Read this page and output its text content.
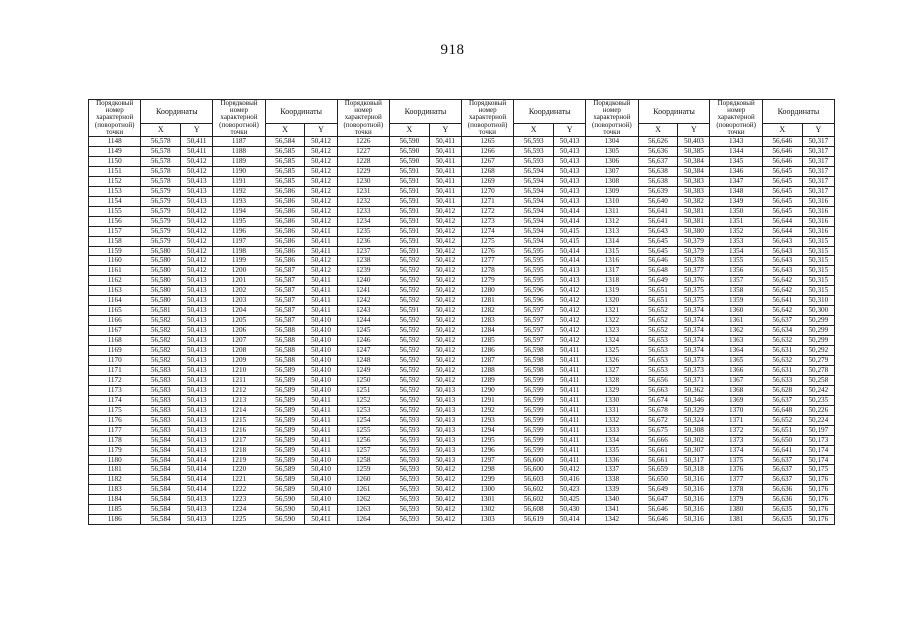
918
Порядковый номер характерной (поворотной) точки	Координаты		Порядковый номер характерной (поворотной) точки	Координаты		Порядковый номер характерной (поворотной) точки	Координаты		Порядковый номер характерной (поворотной) точки	Координаты		Порядковый номер характерной (поворотной) точки	Координаты		Порядковый номер характерной (поворотной) точки	Координаты	
	X	Y		X	Y		X	Y		X	Y		X	Y		X	Y
1148	56,578	50,411	1187	56,584	50,412	1226	56,590	50,411	1265	56,593	50,413	1304	56,626	50,403	1343	56,646	50,317
1149	56,578	50,411	1188	56,585	50,412	1227	56,590	50,411	1266	56,593	50,413	1305	56,636	50,385	1344	56,646	50,317
1150	56,578	50,412	1189	56,585	50,412	1228	56,590	50,411	1267	56,593	50,413	1306	56,637	50,384	1345	56,646	50,317
1151	56,578	50,412	1190	56,585	50,412	1229	56,591	50,411	1268	56,594	50,413	1307	56,638	50,384	1346	56,645	50,317
1152	56,578	50,413	1191	56,585	50,412	1230	56,591	50,411	1269	56,594	50,413	1308	56,638	50,383	1347	56,645	50,317
1153	56,579	50,413	1192	56,586	50,412	1231	56,591	50,411	1270	56,594	50,413	1309	56,639	50,383	1348	56,645	50,317
1154	56,579	50,413	1193	56,586	50,412	1232	56,591	50,411	1271	56,594	50,413	1310	56,640	50,382	1349	56,645	50,316
1155	56,579	50,412	1194	56,586	50,412	1233	56,591	50,412	1272	56,594	50,414	1311	56,641	50,381	1350	56,645	50,316
1156	56,579	50,412	1195	56,586	50,412	1234	56,591	50,412	1273	56,594	50,414	1312	56,641	50,381	1351	56,644	50,316
1157	56,579	50,412	1196	56,586	50,411	1235	56,591	50,412	1274	56,594	50,415	1313	56,643	50,380	1352	56,644	50,316
1158	56,579	50,412	1197	56,586	50,411	1236	56,591	50,412	1275	56,594	50,415	1314	56,645	50,379	1353	56,643	50,315
1159	56,580	50,412	1198	56,586	50,411	1237	56,591	50,412	1276	56,595	50,414	1315	56,645	50,379	1354	56,643	50,315
1160	56,580	50,412	1199	56,586	50,412	1238	56,592	50,412	1277	56,595	50,414	1316	56,646	50,378	1355	56,643	50,315
1161	56,580	50,412	1200	56,587	50,412	1239	56,592	50,412	1278	56,595	50,413	1317	56,648	50,377	1356	56,643	50,315
1162	56,580	50,413	1201	56,587	50,411	1240	56,592	50,412	1279	56,595	50,413	1318	56,649	50,376	1357	56,642	50,315
1163	56,580	50,413	1202	56,587	50,411	1241	56,592	50,412	1280	56,596	50,412	1319	56,651	50,375	1358	56,642	50,315
1164	56,580	50,413	1203	56,587	50,411	1242	56,592	50,412	1281	56,596	50,412	1320	56,651	50,375	1359	56,641	50,310
1165	56,581	50,413	1204	56,587	50,411	1243	56,591	50,412	1282	56,597	50,412	1321	56,652	50,374	1360	56,642	50,300
1166	56,582	50,413	1205	56,587	50,410	1244	56,592	50,412	1283	56,597	50,412	1322	56,652	50,374	1361	56,637	50,299
1167	56,582	50,413	1206	56,588	50,410	1245	56,592	50,412	1284	56,597	50,412	1323	56,652	50,374	1362	56,634	50,299
1168	56,582	50,413	1207	56,588	50,410	1246	56,592	50,412	1285	56,597	50,412	1324	56,653	50,374	1363	56,632	50,299
1169	56,582	50,413	1208	56,588	50,410	1247	56,592	50,412	1286	56,598	50,411	1325	56,653	50,374	1364	56,631	50,292
1170	56,582	50,413	1209	56,588	50,410	1248	56,592	50,412	1287	56,598	50,411	1326	56,653	50,373	1365	56,632	50,279
1171	56,583	50,413	1210	56,589	50,410	1249	56,592	50,412	1288	56,598	50,411	1327	56,653	50,373	1366	56,631	50,278
1172	56,583	50,413	1211	56,589	50,410	1250	56,592	50,412	1289	56,599	50,411	1328	56,656	50,371	1367	56,633	50,258
1173	56,583	50,413	1212	56,589	50,410	1251	56,592	50,413	1290	56,599	50,411	1329	56,663	50,362	1368	56,628	50,242
1174	56,583	50,413	1213	56,589	50,411	1252	56,592	50,413	1291	56,599	50,411	1330	56,674	50,346	1369	56,637	50,235
1175	56,583	50,413	1214	56,589	50,411	1253	56,592	50,413	1292	56,599	50,411	1331	56,678	50,329	1370	56,648	50,226
1176	56,583	50,413	1215	56,589	50,411	1254	56,593	50,413	1293	56,599	50,411	1332	56,672	50,324	1371	56,652	50,224
1177	56,583	50,413	1216	56,589	50,411	1255	56,593	50,413	1294	56,599	50,411	1333	56,675	50,308	1372	56,651	50,197
1178	56,584	50,413	1217	56,589	50,411	1256	56,593	50,413	1295	56,599	50,411	1334	56,666	50,302	1373	56,650	50,173
1179	56,584	50,413	1218	56,589	50,411	1257	56,593	50,413	1296	56,599	50,411	1335	56,661	50,307	1374	56,641	50,174
1180	56,584	50,414	1219	56,589	50,410	1258	56,593	50,413	1297	56,600	50,411	1336	56,661	50,317	1375	56,637	50,174
1181	56,584	50,414	1220	56,589	50,410	1259	56,593	50,412	1298	56,600	50,412	1337	56,659	50,318	1376	56,637	50,175
1182	56,584	50,414	1221	56,589	50,410	1260	56,593	50,412	1299	56,603	50,416	1338	56,650	50,316	1377	56,637	50,176
1183	56,584	50,414	1222	56,589	50,410	1261	56,593	50,412	1300	56,602	50,423	1339	56,649	50,316	1378	56,636	50,176
1184	56,584	50,413	1223	56,590	50,410	1262	56,593	50,412	1301	56,602	50,425	1340	56,647	50,316	1379	56,636	50,176
1185	56,584	50,413	1224	56,590	50,411	1263	56,593	50,412	1302	56,608	50,430	1341	56,646	50,316	1380	56,635	50,176
1186	56,584	50,413	1225	56,590	50,411	1264	56,593	50,412	1303	56,619	50,414	1342	56,646	50,316	1381	56,635	50,176
